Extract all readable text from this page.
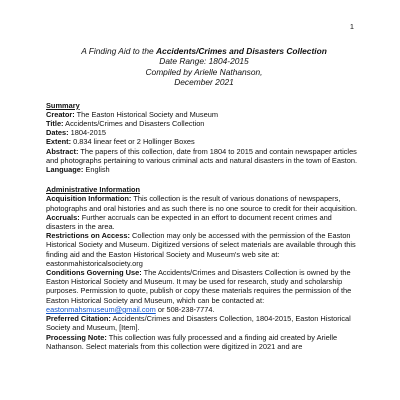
1
A Finding Aid to the Accidents/Crimes and Disasters Collection
Date Range: 1804-2015
Compiled by Arielle Nathanson,
December 2021

Summary

Creator: The Easton Historical Society and Museum

Title: Accidents/Crimes and Disasters Collection

Dates: 1804-2015

Extent: 0.834 linear feet or 2 Hollinger Boxes

Abstract: The papers of this collection, date from 1804 to 2015 and contain newspaper articles and photographs pertaining to various criminal acts and natural disasters in the town of Easton.

Language: English

Administrative Information

Acquisition Information: This collection is the result of various donations of newspapers, photographs and oral histories and as such there is no one source to credit for their acquisition.

Accruals: Further accruals can be expected in an effort to document recent crimes and disasters in the area.

Restrictions on Access: Collection may only be accessed with the permission of the Easton Historical Society and Museum. Digitized versions of select materials are available through this finding aid and the Easton Historical Society and Museum's web site at: eastonmahistoricalsociety.org

Conditions Governing Use: The Accidents/Crimes and Disasters Collection is owned by the Easton Historical Society and Museum. It may be used for research, study and scholarship purposes. Permission to quote, publish or copy these materials requires the permission of the Easton Historical Society and Museum, which can be contacted at: eastonmahsmuseum@gmail.com or 508-238-7774.

Preferred Citation: Accidents/Crimes and Disasters Collection, 1804-2015, Easton Historical Society and Museum, [Item].

Processing Note: This collection was fully processed and a finding aid created by Arielle Nathanson. Select materials from this collection were digitized in 2021 and are
